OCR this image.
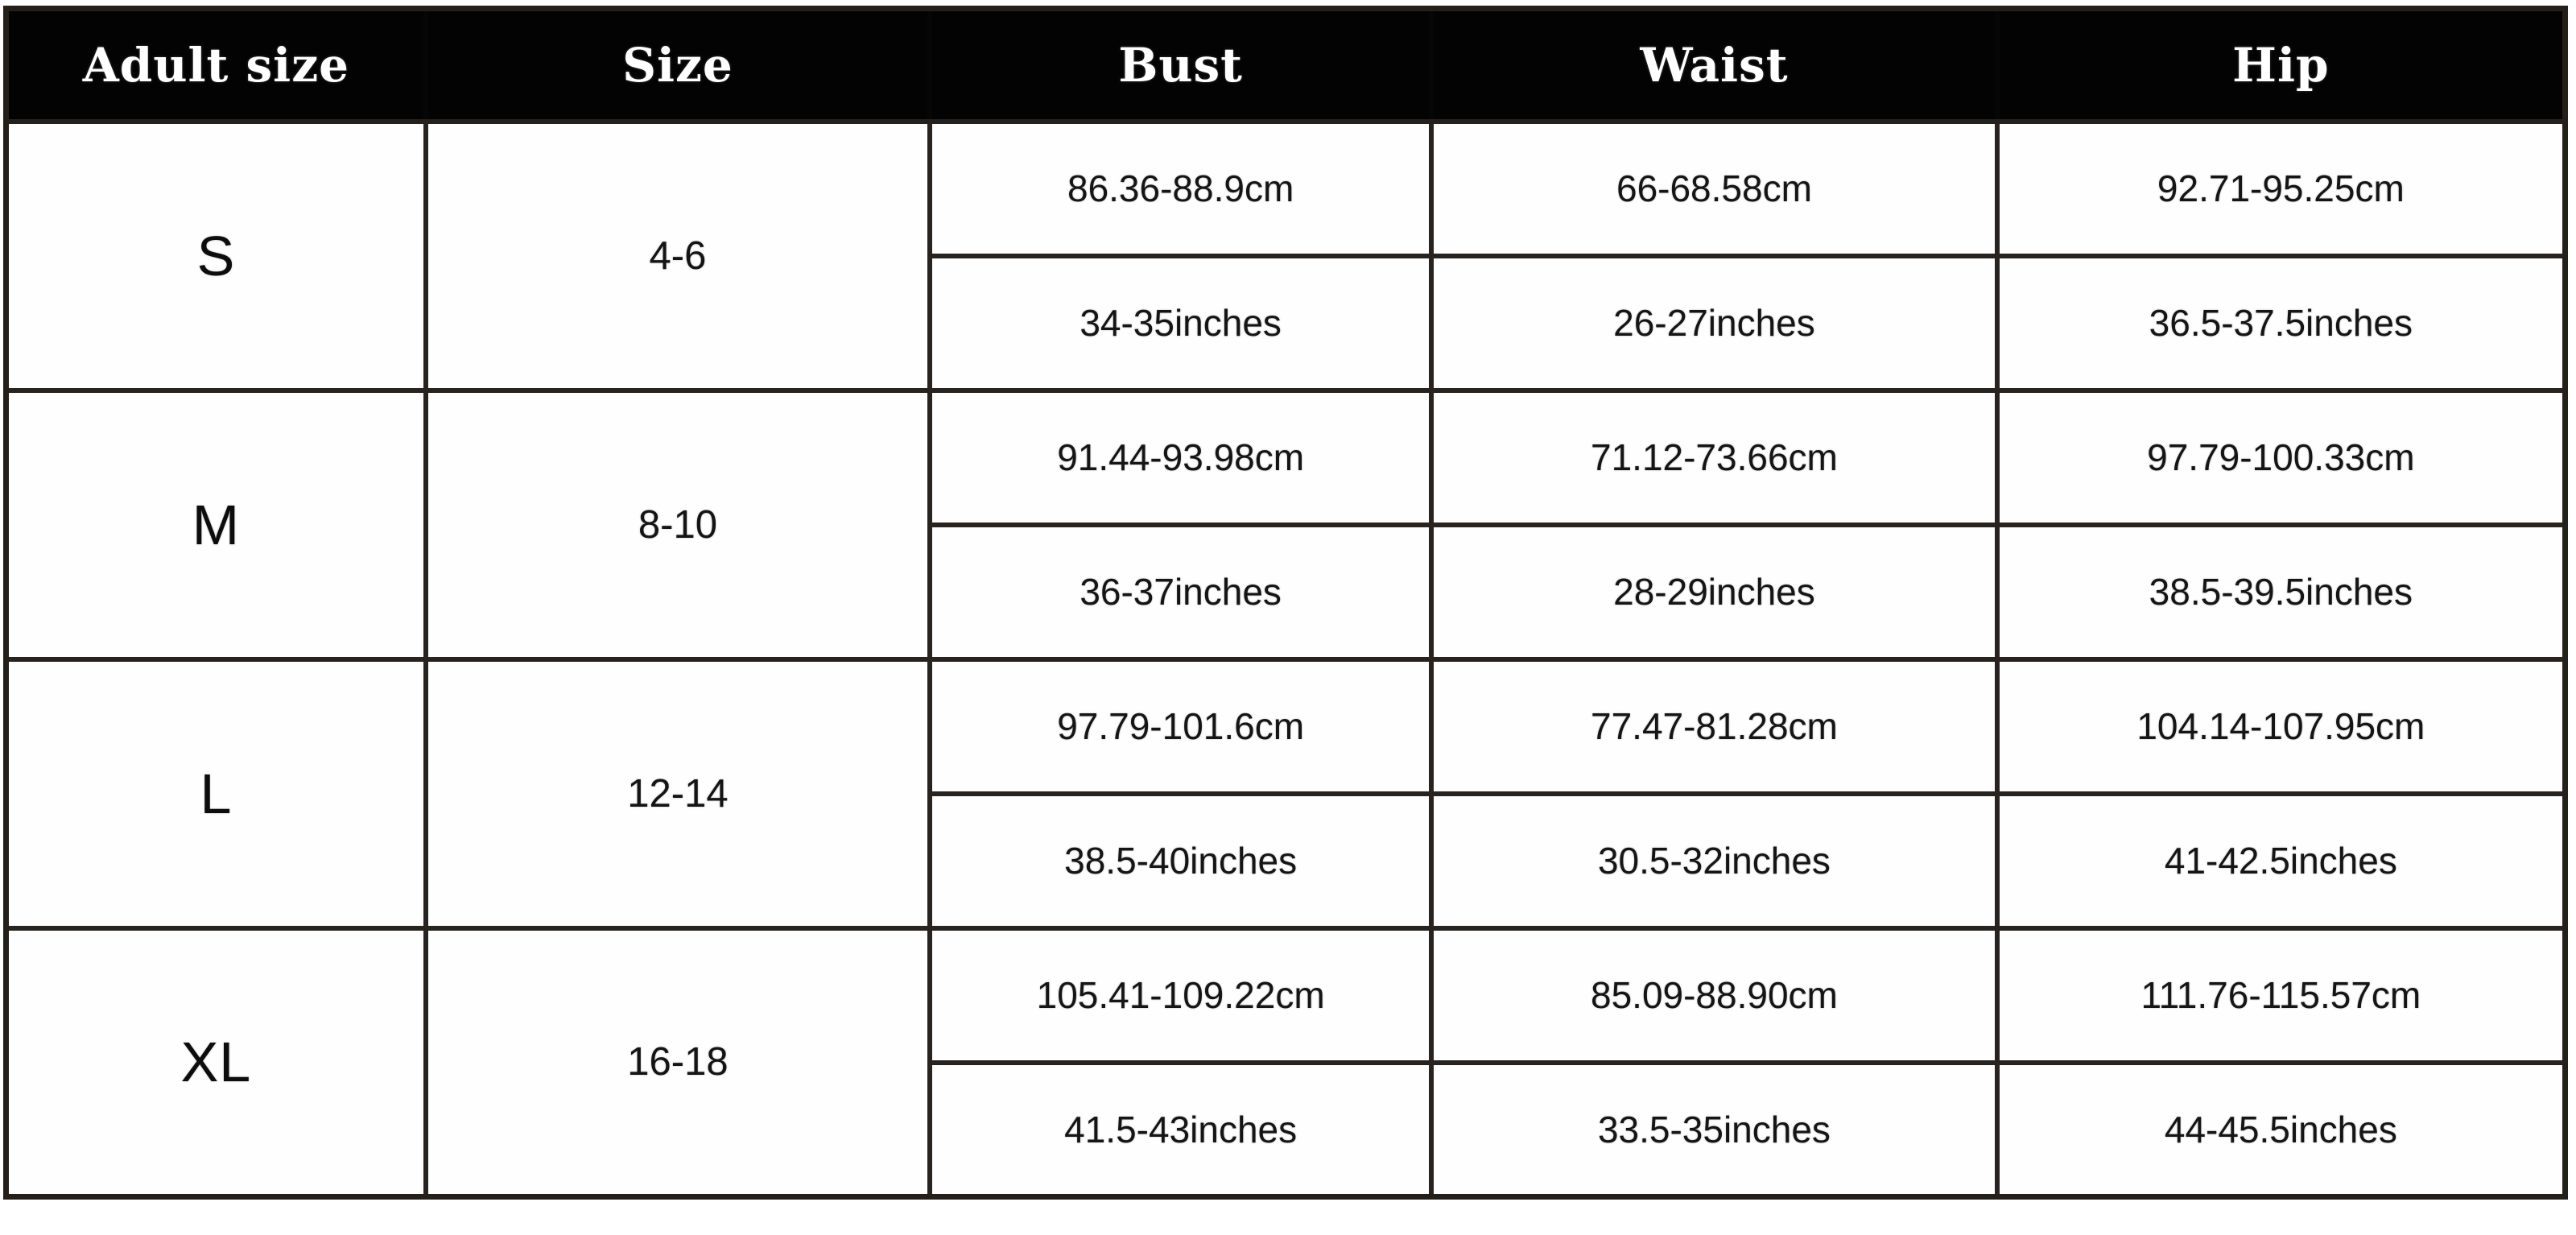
Adult size	Size	Bust	Waist	Hip
S	4-6	86.36-88.9cm	66-68.58cm	92.71-95.25cm
		34-35inches	26-27inches	36.5-37.5inches
M	8-10	91.44-93.98cm	71.12-73.66cm	97.79-100.33cm
		36-37inches	28-29inches	38.5-39.5inches
L	12-14	97.79-101.6cm	77.47-81.28cm	104.14-107.95cm
		38.5-40inches	30.5-32inches	41-42.5inches
XL	16-18	105.41-109.22cm	85.09-88.90cm	111.76-115.57cm
		41.5-43inches	33.5-35inches	44-45.5inches
